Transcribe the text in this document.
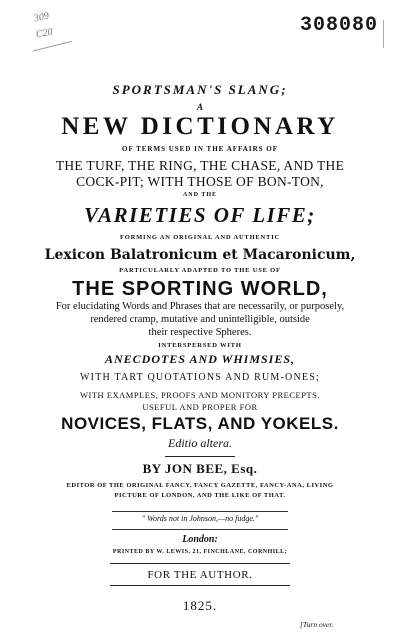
309
C20	308080
SPORTSMAN'S SLANG;
A
NEW DICTIONARY
OF TERMS USED IN THE AFFAIRS OF
THE TURF, THE RING, THE CHASE, AND THE
COCK-PIT; WITH THOSE OF BON-TON,
AND THE
VARIETIES OF LIFE;
FORMING AN ORIGINAL AND AUTHENTIC
Lexicon Balatronicum et Macaronicum,
PARTICULARLY ADAPTED TO THE USE OF
THE SPORTING WORLD,
For elucidating Words and Phrases that are necessarily, or purposely,
rendered cramp, mutative and unintelligible, outside
their respective Spheres.
INTERSPERSED WITH
ANECDOTES AND WHIMSIES,
WITH TART QUOTATIONS AND RUM-ONES;
WITH EXAMPLES, PROOFS AND MONITORY PRECEPTS.
USEFUL AND PROPER FOR
NOVICES, FLATS, AND YOKELS.
Editio altera.
BY JON BEE, Esq.
EDITOR OF THE ORIGINAL FANCY, FANCY GAZETTE, FANCY-ANA, LIVING
PICTURE OF LONDON, AND THE LIKE OF THAT.
" Words not in Johnson,—no fudge."
London:
PRINTED BY W. LEWIS, 21, FINCHLANE, CORNHILL;
FOR THE AUTHOR.
1825.
[Turn over.
